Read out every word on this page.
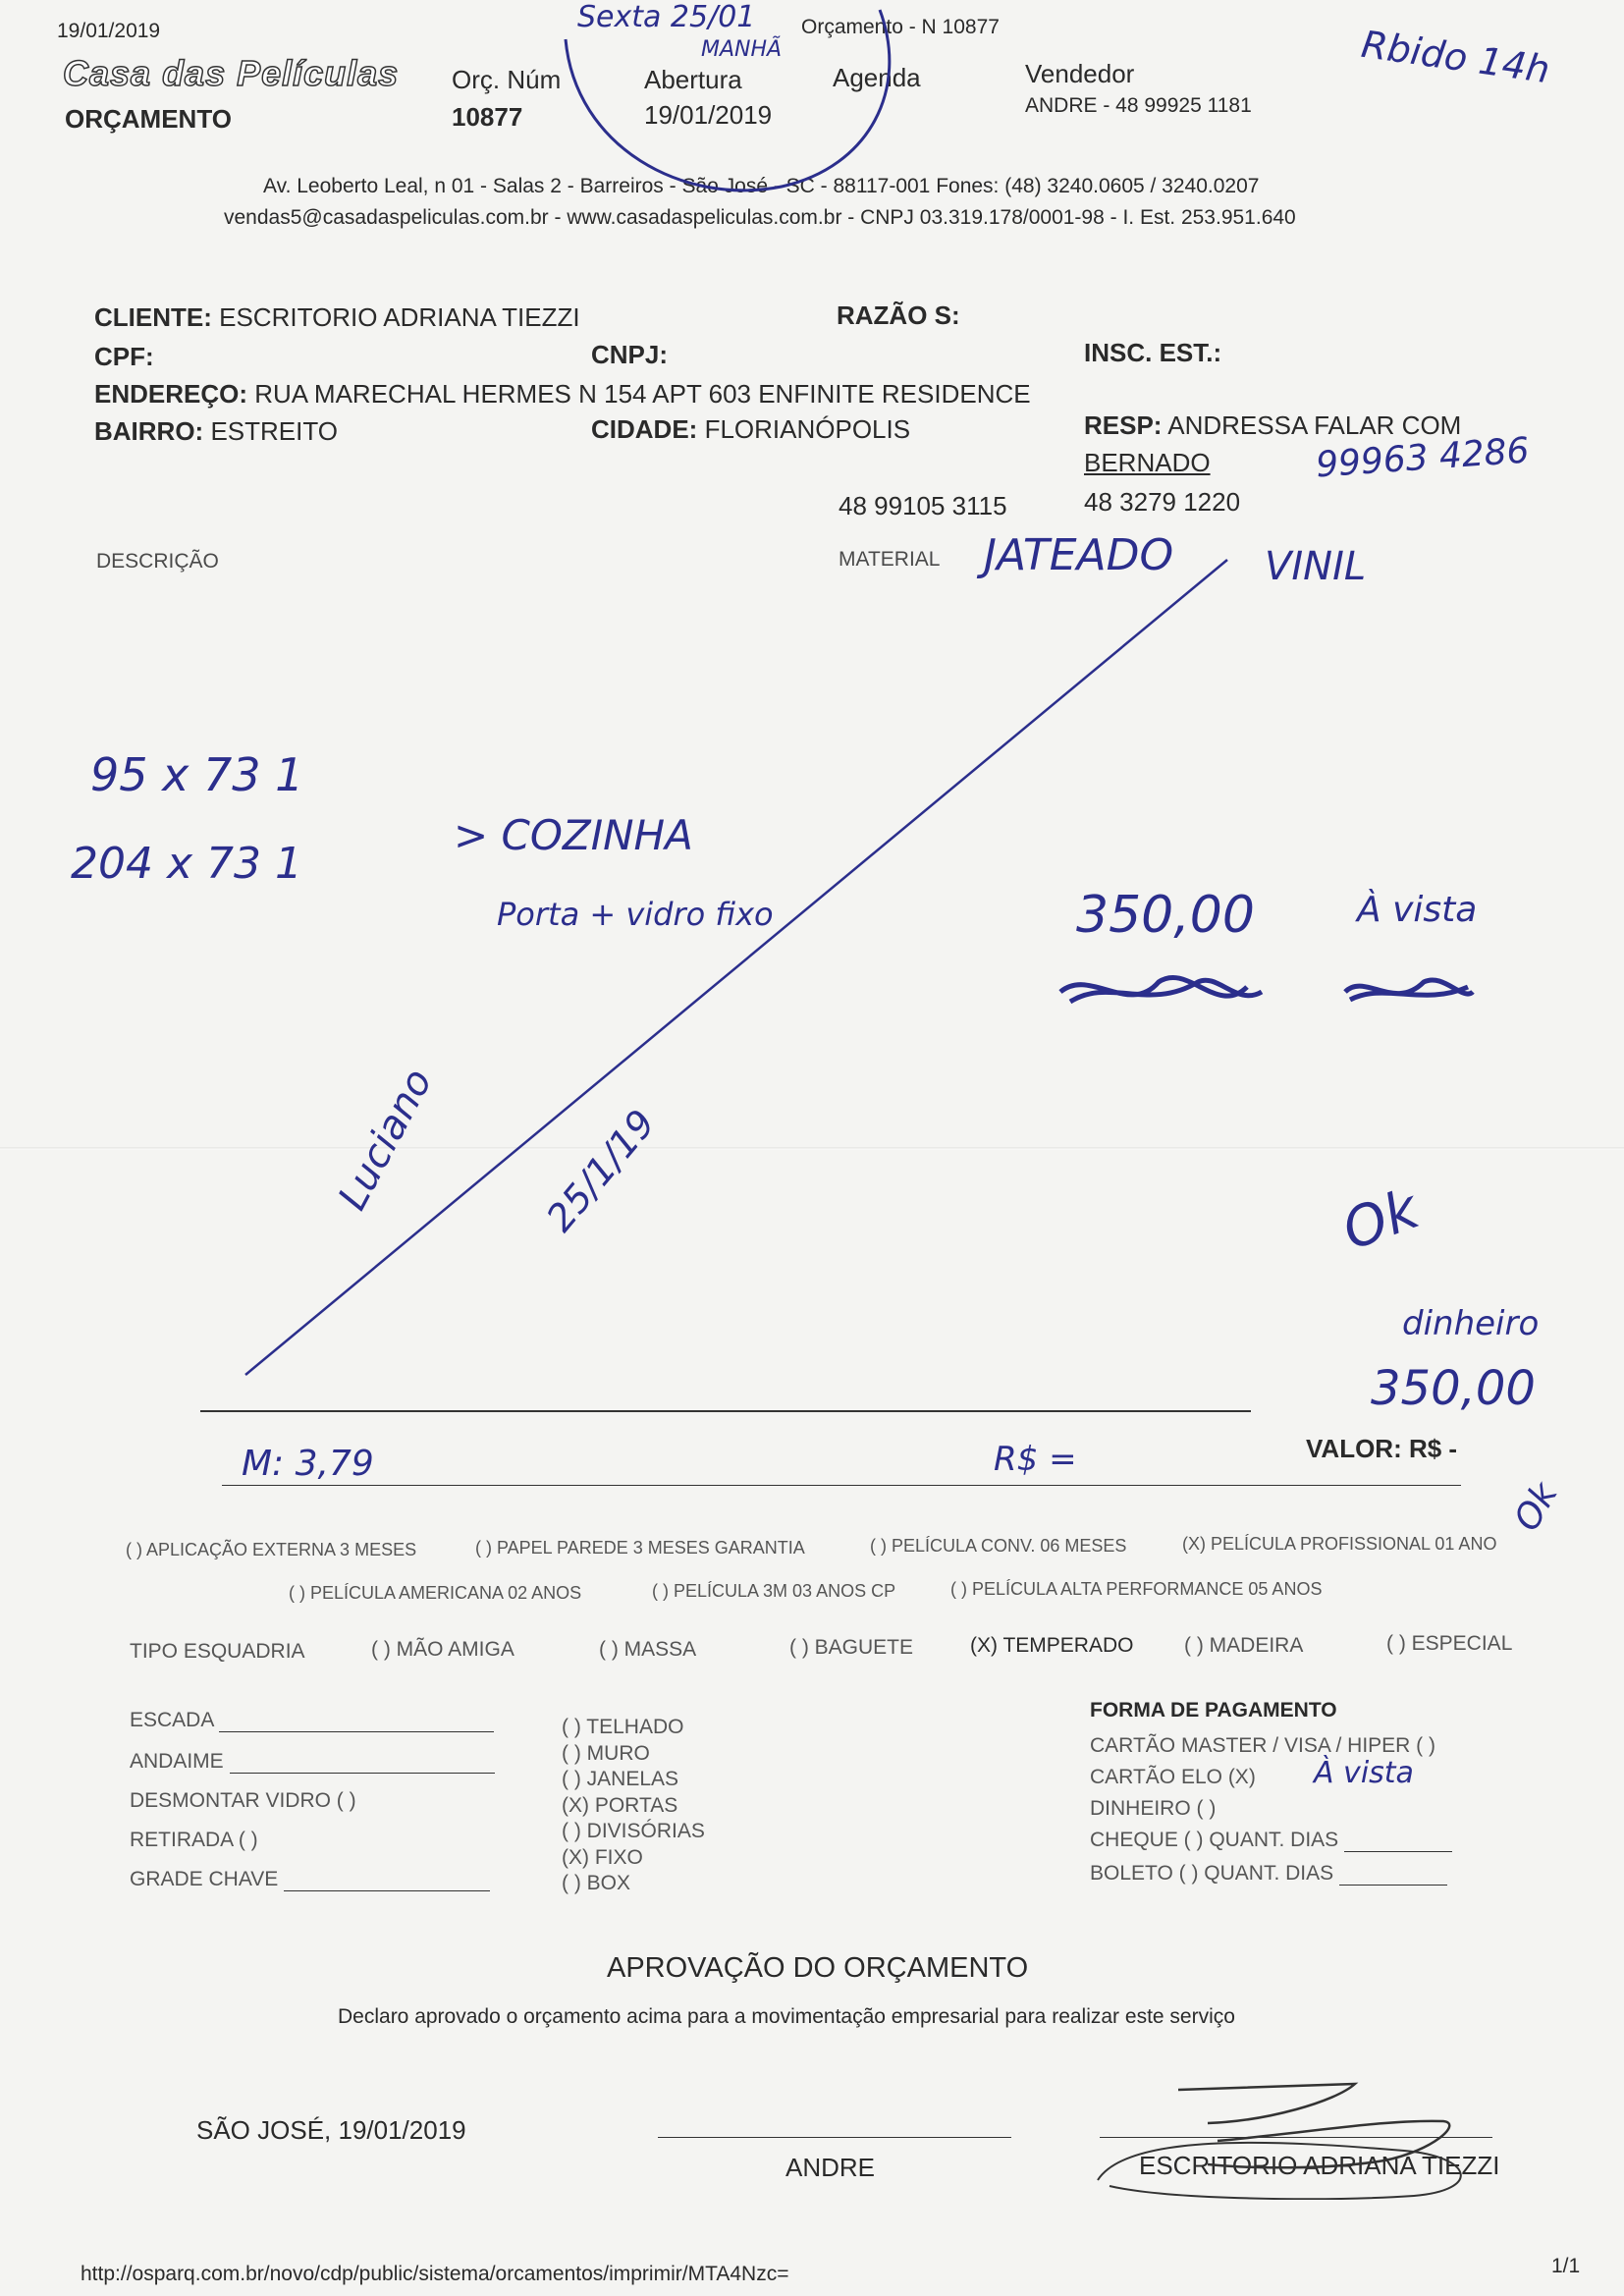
19/01/2019	Orçamento - N 10877
Casa das Películas
ORÇAMENTO
Orç. Núm
10877
Abertura
19/01/2019
Agenda	Vendedor
ANDRE - 48 99925 1181
Av. Leoberto Leal, n 01 - Salas 2 - Barreiros - São José - SC - 88117-001 Fones: (48) 3240.0605 / 3240.0207
vendas5@casadaspeliculas.com.br - www.casadaspeliculas.com.br - CNPJ 03.319.178/0001-98 - I. Est. 253.951.640
Sexta 25/01
MANHÃ	Rbido 14h
CLIENTE: ESCRITORIO ADRIANA TIEZZI	RAZÃO S:
CPF:	CNPJ:	INSC. EST.:
ENDEREÇO: RUA MARECHAL HERMES N 154 APT 603 ENFINITE RESIDENCE
BAIRRO: ESTREITO	CIDADE: FLORIANÓPOLIS	RESP: ANDRESSA FALAR COM
BERNADO
48 99105 3115	48 3279 1220
99963 4286
DESCRIÇÃO	MATERIAL JATEADO VINIL
95 x 73 1
204 x 73 1
> COZINHA
Porta + vidro fixo	350,00	À vista
Luciano	25/1/19	Ok
dinheiro
350,00
M: 3,79	R$ =	VALOR: R$ -
( ) APLICAÇÃO EXTERNA 3 MESES	( ) PAPEL PAREDE 3 MESES GARANTIA	( ) PELÍCULA CONV. 06 MESES	(X) PELÍCULA PROFISSIONAL 01 ANO
( ) PELÍCULA AMERICANA 02 ANOS	( ) PELÍCULA 3M 03 ANOS CP	( ) PELÍCULA ALTA PERFORMANCE 05 ANOS
Ok
TIPO ESQUADRIA	( ) MÃO AMIGA	( ) MASSA	( ) BAGUETE	(X) TEMPERADO ( ) MADEIRA	( ) ESPECIAL
ESCADA
ANDAIME
DESMONTAR VIDRO ( )
RETIRADA ( )
GRADE CHAVE
( ) TELHADO
( ) MURO
( ) JANELAS
(X) PORTAS
( ) DIVISÓRIAS
(X) FIXO
( ) BOX
FORMA DE PAGAMENTO
CARTÃO MASTER / VISA / HIPER ( )
CARTÃO ELO (X) À vista
DINHEIRO ( )
CHEQUE ( ) QUANT. DIAS
BOLETO ( ) QUANT. DIAS
APROVAÇÃO DO ORÇAMENTO
Declaro aprovado o orçamento acima para a movimentação empresarial para realizar este serviço
SÃO JOSÉ, 19/01/2019
ANDRE	ESCRITORIO ADRIANA TIEZZI
http://osparq.com.br/novo/cdp/public/sistema/orcamentos/imprimir/MTA4Nzc=	1/1
